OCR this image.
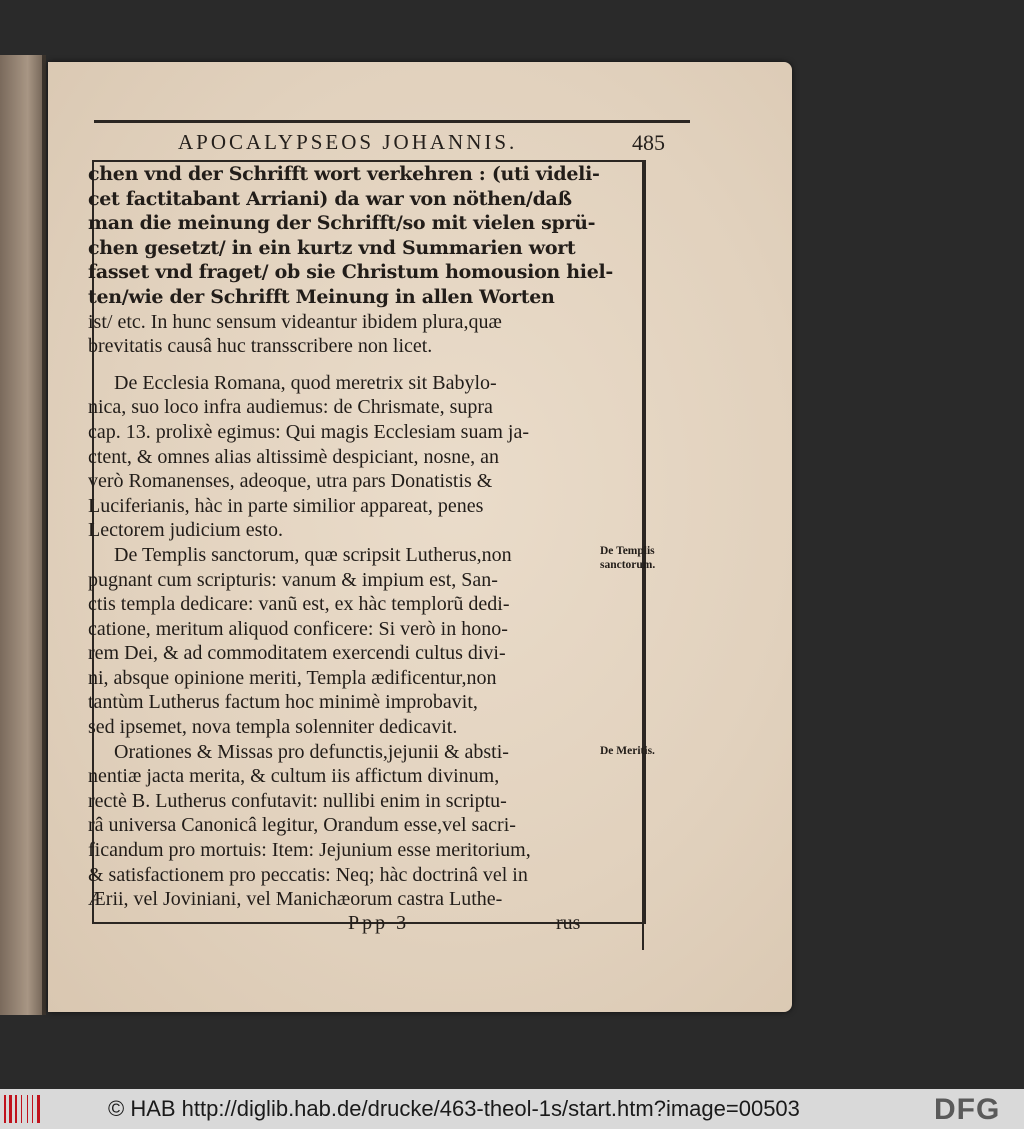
APOCALYPSEOS JOHANNIS.	485
chen vnd der Schrifft wort verkehren : (uti videli-
cet factitabant Arriani) da war von nöthen/daß
man die meinung der Schrifft/so mit vielen sprü-
chen gesetzt/ in ein kurtz vnd Summarien wort
fasset vnd fraget/ ob sie Christum homousion hiel-
ten/wie der Schrifft Meinung in allen Worten
ist/ etc. In hunc sensum videantur ibidem plura,quæ
brevitatis causâ huc transscribere non licet.
De Ecclesia Romana, quod meretrix sit Babylo-
nica, suo loco infra audiemus: de Chrismate, supra
cap. 13. prolixè egimus: Qui magis Ecclesiam suam ja-
ctent, & omnes alias altissimè despiciant, nosne, an
verò Romanenses, adeoque, utra pars Donatistis &
Luciferianis, hàc in parte similior appareat, penes
Lectorem judicium esto.
De Templis sanctorum, quæ scripsit Lutherus,non
pugnant cum scripturis: vanum & impium est, San-
ctis templa dedicare: vanũ est, ex hàc templorũ dedi-
catione, meritum aliquod conficere: Si verò in hono-
rem Dei, & ad commoditatem exercendi cultus divi-
ni, absque opinione meriti, Templa ædificentur,non
tantùm Lutherus factum hoc minimè improbavit,
sed ipsemet, nova templa solenniter dedicavit.
Orationes & Missas pro defunctis,jejunii & absti-
nentiæ jacta merita, & cultum iis affictum divinum,
rectè B. Lutherus confutavit: nullibi enim in scriptu-
râ universa Canonicâ legitur, Orandum esse,vel sacri-
ficandum pro mortuis: Item: Jejunium esse meritorium,
& satisfactionem pro peccatis: Neq; hàc doctrinâ vel in
Ærii, vel Joviniani, vel Manichæorum castra Luthe-
De Templis
sanctorum.
De Meritis.
Ppp 3	rus
© HAB http://diglib.hab.de/drucke/463-theol-1s/start.htm?image=00503	DFG
